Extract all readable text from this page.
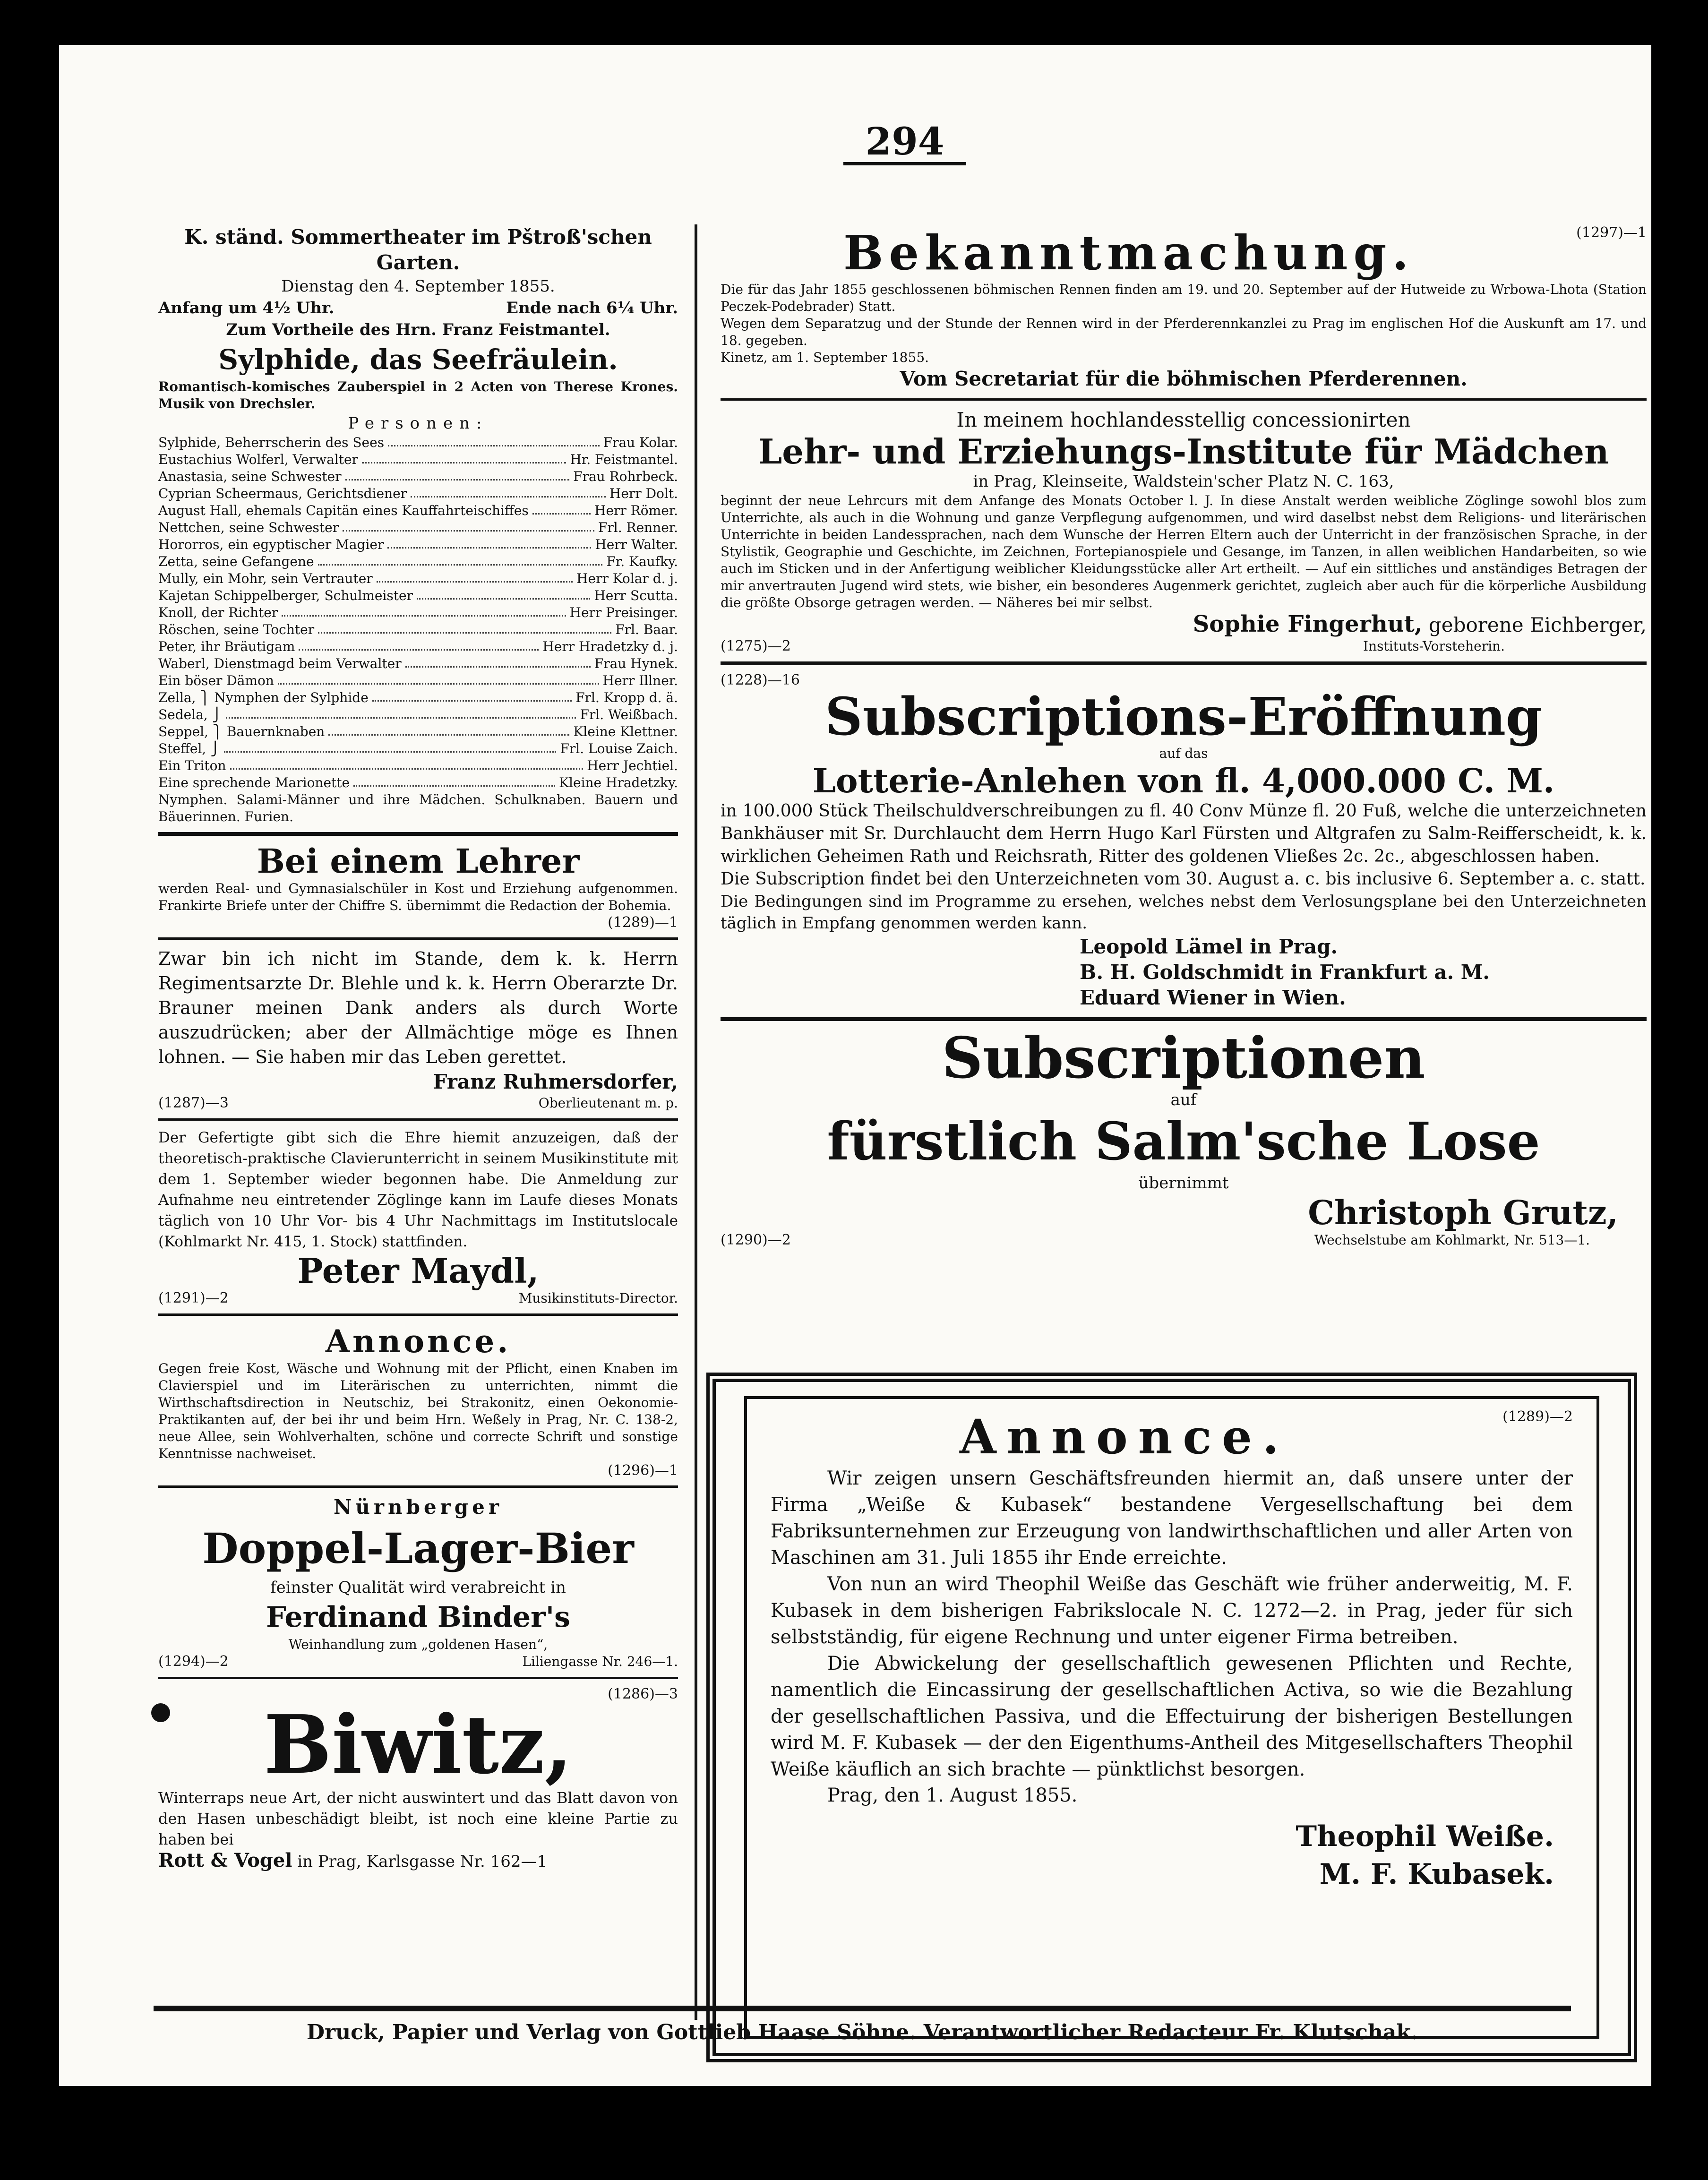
294
K. ständ. Sommertheater im Pštroß'schen Garten.
Dienstag den 4. September 1855.
Anfang um 4½ Uhr.	Ende nach 6¼ Uhr.
Zum Vortheile des Hrn. Franz Feistmantel.
Sylphide, das Seefräulein.
Romantisch-komisches Zauberspiel in 2 Acten von Therese Krones. Musik von Drechsler.
Personen:
Sylphide, Beherrscherin des Sees	Frau Kolar.
Eustachius Wolferl, Verwalter	Hr. Feistmantel.
Anastasia, seine Schwester	Frau Rohrbeck.
Cyprian Scheermaus, Gerichtsdiener	Herr Dolt.
August Hall, ehemals Capitän eines Kauffahrteischiffes	Herr Römer.
Nettchen, seine Schwester	Frl. Renner.
Hororros, ein egyptischer Magier	Herr Walter.
Zetta, seine Gefangene	Fr. Kaufky.
Mully, ein Mohr, sein Vertrauter	Herr Kolar d. j.
Kajetan Schippelberger, Schulmeister	Herr Scutta.
Knoll, der Richter	Herr Preisinger.
Röschen, seine Tochter	Frl. Baar.
Peter, ihr Bräutigam	Herr Hradetzky d. j.
Waberl, Dienstmagd beim Verwalter	Frau Hynek.
Ein böser Dämon	Herr Illner.
Zella, ⎫ Nymphen der Sylphide	Frl. Kropp d. ä.
Sedela, ⎭	Frl. Weißbach.
Seppel, ⎫ Bauernknaben	Kleine Klettner.
Steffel, ⎭	Frl. Louise Zaich.
Ein Triton	Herr Jechtiel.
Eine sprechende Marionette	Kleine Hradetzky.
Nymphen. Salami-Männer und ihre Mädchen. Schulknaben. Bauern und Bäuerinnen. Furien.
Bei einem Lehrer
werden Real- und Gymnasialschüler in Kost und Erziehung aufgenommen. Frankirte Briefe unter der Chiffre S. übernimmt die Redaction der Bohemia.
(1289)—1
Zwar bin ich nicht im Stande, dem k. k. Herrn Regimentsarzte Dr. Blehle und k. k. Herrn Oberarzte Dr. Brauner meinen Dank anders als durch Worte auszudrücken; aber der Allmächtige möge es Ihnen lohnen. — Sie haben mir das Leben gerettet.
Franz Ruhmersdorfer,
(1287)—3	Oberlieutenant m. p.
Der Gefertigte gibt sich die Ehre hiemit anzuzeigen, daß der theoretisch-praktische Clavierunterricht in seinem Musikinstitute mit dem 1. September wieder begonnen habe. Die Anmeldung zur Aufnahme neu eintretender Zöglinge kann im Laufe dieses Monats täglich von 10 Uhr Vor- bis 4 Uhr Nachmittags im Institutslocale (Kohlmarkt Nr. 415, 1. Stock) stattfinden.
Peter Maydl,
(1291)—2	Musikinstituts-Director.
Annonce.
Gegen freie Kost, Wäsche und Wohnung mit der Pflicht, einen Knaben im Clavierspiel und im Literärischen zu unterrichten, nimmt die Wirthschaftsdirection in Neutschiz, bei Strakonitz, einen Oekonomie-Praktikanten auf, der bei ihr und beim Hrn. Weßely in Prag, Nr. C. 138-2, neue Allee, sein Wohlverhalten, schöne und correcte Schrift und sonstige Kenntnisse nachweiset.
(1296)—1
Nürnberger
Doppel-Lager-Bier
feinster Qualität wird verabreicht in
Ferdinand Binder's
Weinhandlung zum „goldenen Hasen“,
(1294)—2	Liliengasse Nr. 246—1.
(1286)—3
Biwitz,
Winterraps neue Art, der nicht auswintert und das Blatt davon von den Hasen unbeschädigt bleibt, ist noch eine kleine Partie zu haben bei
Rott & Vogel in Prag, Karlsgasse Nr. 162—1
Bekanntmachung.	(1297)—1
Die für das Jahr 1855 geschlossenen böhmischen Rennen finden am 19. und 20. September auf der Hutweide zu Wrbowa-Lhota (Station Peczek-Podebrader) Statt.
Wegen dem Separatzug und der Stunde der Rennen wird in der Pferderennkanzlei zu Prag im englischen Hof die Auskunft am 17. und 18. gegeben.
Kinetz, am 1. September 1855.
Vom Secretariat für die böhmischen Pferderennen.
In meinem hochlandesstellig concessionirten
Lehr- und Erziehungs-Institute für Mädchen
in Prag, Kleinseite, Waldstein'scher Platz N. C. 163,
beginnt der neue Lehrcurs mit dem Anfange des Monats October l. J. In diese Anstalt werden weibliche Zöglinge sowohl blos zum Unterrichte, als auch in die Wohnung und ganze Verpflegung aufgenommen, und wird daselbst nebst dem Religions- und literärischen Unterrichte in beiden Landessprachen, nach dem Wunsche der Herren Eltern auch der Unterricht in der französischen Sprache, in der Stylistik, Geographie und Geschichte, im Zeichnen, Fortepianospiele und Gesange, im Tanzen, in allen weiblichen Handarbeiten, so wie auch im Sticken und in der Anfertigung weiblicher Kleidungsstücke aller Art ertheilt. — Auf ein sittliches und anständiges Betragen der mir anvertrauten Jugend wird stets, wie bisher, ein besonderes Augenmerk gerichtet, zugleich aber auch für die körperliche Ausbildung die größte Obsorge getragen werden. — Näheres bei mir selbst.
Sophie Fingerhut, geborene Eichberger,
(1275)—2	Instituts-Vorsteherin.
(1228)—16
Subscriptions-Eröffnung
auf das
Lotterie-Anlehen von fl. 4,000.000 C. M.
in 100.000 Stück Theilschuldverschreibungen zu fl. 40 Conv Münze fl. 20 Fuß, welche die unterzeichneten Bankhäuser mit Sr. Durchlaucht dem Herrn Hugo Karl Fürsten und Altgrafen zu Salm-Reifferscheidt, k. k. wirklichen Geheimen Rath und Reichsrath, Ritter des goldenen Vließes 2c. 2c., abgeschlossen haben.
Die Subscription findet bei den Unterzeichneten vom 30. August a. c. bis inclusive 6. September a. c. statt.
Die Bedingungen sind im Programme zu ersehen, welches nebst dem Verlosungsplane bei den Unterzeichneten täglich in Empfang genommen werden kann.
Leopold Lämel in Prag.
B. H. Goldschmidt in Frankfurt a. M.
Eduard Wiener in Wien.
Subscriptionen
auf
fürstlich Salm'sche Lose
übernimmt
Christoph Grutz,
(1290)—2	Wechselstube am Kohlmarkt, Nr. 513—1.
Annonce.	(1289)—2
Wir zeigen unsern Geschäftsfreunden hiermit an, daß unsere unter der Firma „Weiße & Kubasek“ bestandene Vergesellschaftung bei dem Fabriksunternehmen zur Erzeugung von landwirthschaftlichen und aller Arten von Maschinen am 31. Juli 1855 ihr Ende erreichte.
Von nun an wird Theophil Weiße das Geschäft wie früher anderweitig, M. F. Kubasek in dem bisherigen Fabrikslocale N. C. 1272—2. in Prag, jeder für sich selbstständig, für eigene Rechnung und unter eigener Firma betreiben.
Die Abwickelung der gesellschaftlich gewesenen Pflichten und Rechte, namentlich die Eincassirung der gesellschaftlichen Activa, so wie die Bezahlung der gesellschaftlichen Passiva, und die Effectuirung der bisherigen Bestellungen wird M. F. Kubasek — der den Eigenthums-Antheil des Mitgesellschafters Theophil Weiße käuflich an sich brachte — pünktlichst besorgen.
Prag, den 1. August 1855.
Theophil Weiße.
M. F. Kubasek.
Druck, Papier und Verlag von Gottlieb Haase Söhne. Verantwortlicher Redacteur Fr. Klutschak.
